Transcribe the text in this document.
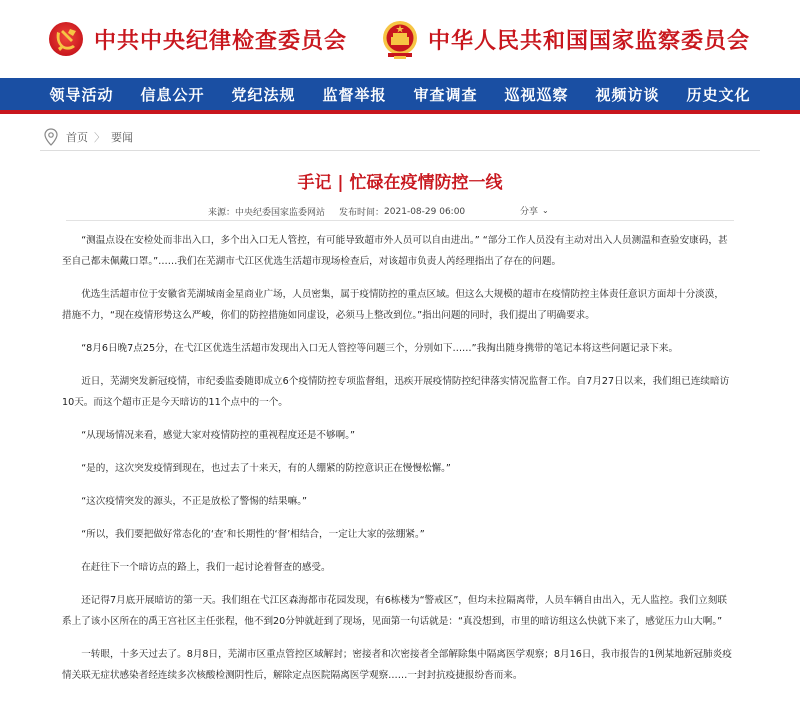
中共中央纪律检查委员会	中华人民共和国国家监察委员会
领导活动 信息公开 党纪法规 监督举报 审查调查 巡视巡察 视频访谈 历史文化
首页 〉 要闻
手记 | 忙碌在疫情防控一线
来源： 中央纪委国家监委网站 发布时间： 2021-08-29 06:00	分享 ⌄

“测温点设在安检处而非出入口，多个出入口无人管控，有可能导致超市外人员可以自由进出。” “部分工作人员没有主动对出入人员测温和查验安康码，甚至自己都未佩戴口罩。”……我们在芜湖市弋江区优选生活超市现场检查后，对该超市负责人芮经理指出了存在的问题。

优选生活超市位于安徽省芜湖城南金星商业广场，人员密集，属于疫情防控的重点区域。但这么大规模的超市在疫情防控主体责任意识方面却十分淡漠，措施不力，“现在疫情形势这么严峻，你们的防控措施如同虚设，必须马上整改到位。”指出问题的同时，我们提出了明确要求。

“8月6日晚7点25分，在弋江区优选生活超市发现出入口无人管控等问题三个，分别如下……”我掏出随身携带的笔记本将这些问题记录下来。

近日，芜湖突发新冠疫情，市纪委监委随即成立6个疫情防控专项监督组，迅疾开展疫情防控纪律落实情况监督工作。自7月27日以来，我们组已连续暗访10天。而这个超市正是今天暗访的11个点中的一个。

“从现场情况来看，感觉大家对疫情防控的重视程度还是不够啊。”

“是的，这次突发疫情到现在，也过去了十来天，有的人绷紧的防控意识正在慢慢松懈。”

“这次疫情突发的源头，不正是放松了警惕的结果嘛。”

“所以，我们要把做好常态化的‘查’和长期性的‘督’相结合，一定让大家的弦绷紧。”

在赶往下一个暗访点的路上，我们一起讨论着督查的感受。

还记得7月底开展暗访的第一天。我们组在弋江区森海都市花园发现，有6栋楼为“警戒区”，但均未拉隔离带，人员车辆自由出入，无人监控。我们立刻联系上了该小区所在的禹王宫社区主任张程，他不到20分钟就赶到了现场，见面第一句话就是：“真没想到，市里的暗访组这么快就下来了，感觉压力山大啊。”

一转眼，十多天过去了。8月8日，芜湖市区重点管控区域解封；密接者和次密接者全部解除集中隔离医学观察；8月16日，我市报告的1例某地新冠肺炎疫情关联无症状感染者经连续多次核酸检测阴性后，解除定点医院隔离医学观察……一封封抗疫捷报纷沓而来。
